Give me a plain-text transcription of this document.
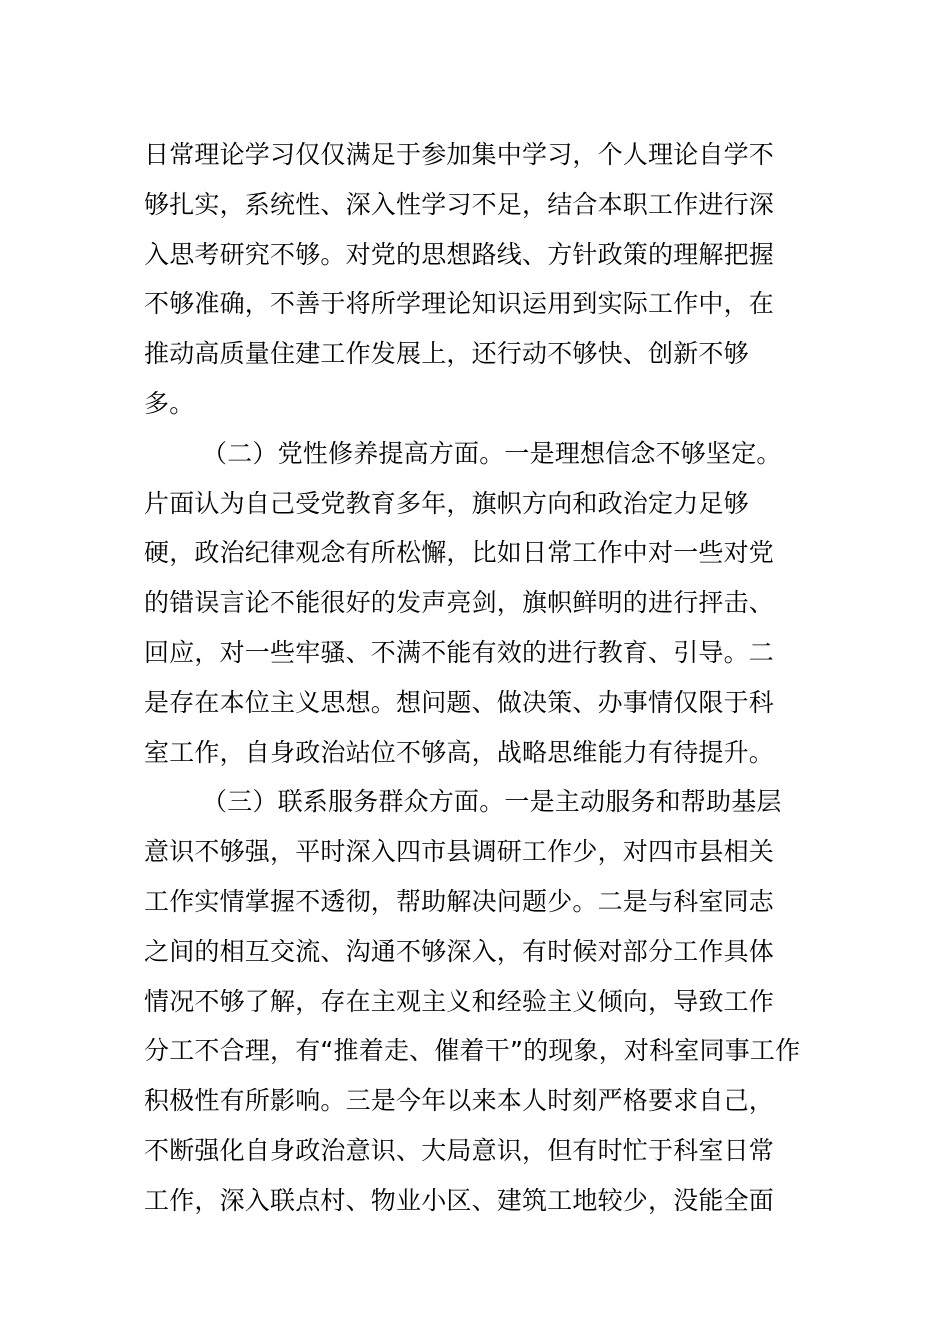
日常理论学习仅仅满足于参加集中学习，个人理论自学不
够扎实，系统性、深入性学习不足，结合本职工作进行深
入思考研究不够。对党的思想路线、方针政策的理解把握
不够准确，不善于将所学理论知识运用到实际工作中，在
推动高质量住建工作发展上，还行动不够快、创新不够
多。
（二）党性修养提高方面。一是理想信念不够坚定。
片面认为自己受党教育多年，旗帜方向和政治定力足够
硬，政治纪律观念有所松懈，比如日常工作中对一些对党
的错误言论不能很好的发声亮剑，旗帜鲜明的进行抨击、
回应，对一些牢骚、不满不能有效的进行教育、引导。二
是存在本位主义思想。想问题、做决策、办事情仅限于科
室工作，自身政治站位不够高，战略思维能力有待提升。
（三）联系服务群众方面。一是主动服务和帮助基层
意识不够强，平时深入四市县调研工作少，对四市县相关
工作实情掌握不透彻，帮助解决问题少。二是与科室同志
之间的相互交流、沟通不够深入，有时候对部分工作具体
情况不够了解，存在主观主义和经验主义倾向，导致工作
分工不合理，有“推着走、催着干”的现象，对科室同事工作
积极性有所影响。三是今年以来本人时刻严格要求自己，
不断强化自身政治意识、大局意识，但有时忙于科室日常
工作，深入联点村、物业小区、建筑工地较少，没能全面
